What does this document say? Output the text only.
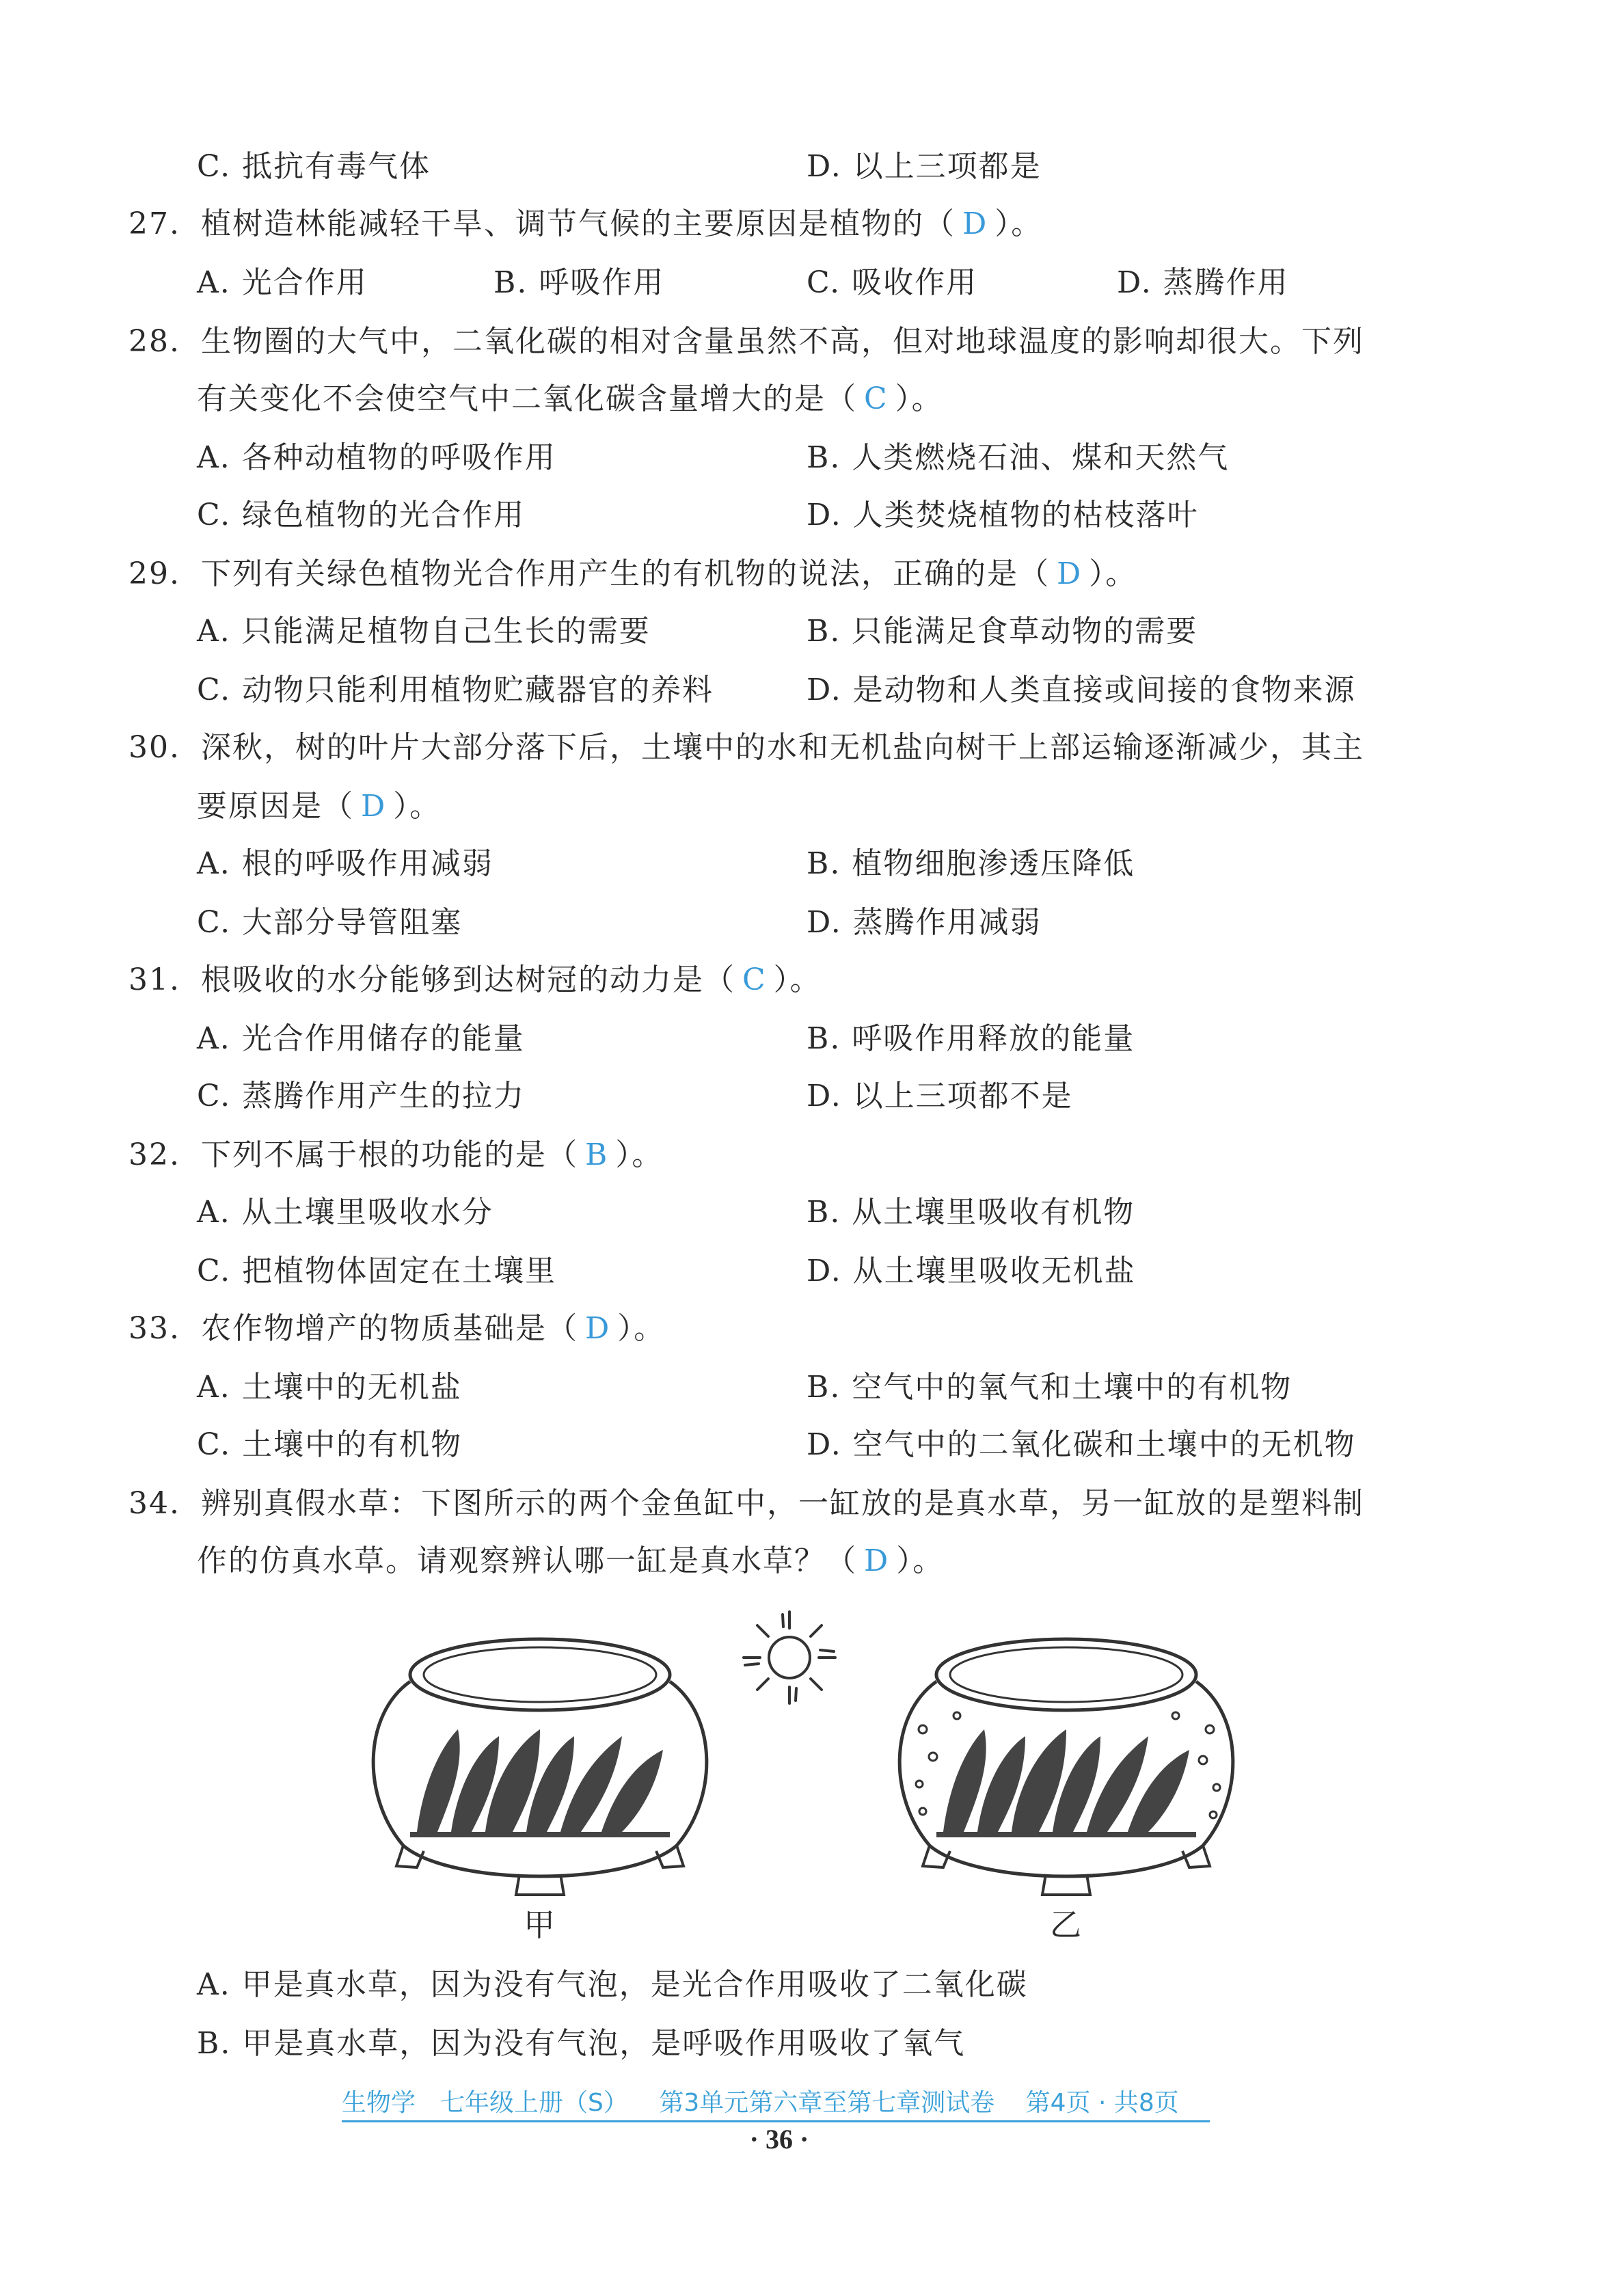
C. 抵抗有毒气体	D. 以上三项都是
27. 植树造林能减轻干旱、调节气候的主要原因是植物的（ D ）。
A. 光合作用	B. 呼吸作用	C. 吸收作用	D. 蒸腾作用
28. 生物圈的大气中，二氧化碳的相对含量虽然不高，但对地球温度的影响却很大。下列
有关变化不会使空气中二氧化碳含量增大的是（ C ）。
A. 各种动植物的呼吸作用	B. 人类燃烧石油、煤和天然气
C. 绿色植物的光合作用	D. 人类焚烧植物的枯枝落叶
29. 下列有关绿色植物光合作用产生的有机物的说法，正确的是（ D ）。
A. 只能满足植物自己生长的需要	B. 只能满足食草动物的需要
C. 动物只能利用植物贮藏器官的养料	D. 是动物和人类直接或间接的食物来源
30. 深秋，树的叶片大部分落下后，土壤中的水和无机盐向树干上部运输逐渐减少，其主
要原因是（ D ）。
A. 根的呼吸作用减弱	B. 植物细胞渗透压降低
C. 大部分导管阻塞	D. 蒸腾作用减弱
31. 根吸收的水分能够到达树冠的动力是（ C ）。
A. 光合作用储存的能量	B. 呼吸作用释放的能量
C. 蒸腾作用产生的拉力	D. 以上三项都不是
32. 下列不属于根的功能的是（ B ）。
A. 从土壤里吸收水分	B. 从土壤里吸收有机物
C. 把植物体固定在土壤里	D. 从土壤里吸收无机盐
33. 农作物增产的物质基础是（ D ）。
A. 土壤中的无机盐	B. 空气中的氧气和土壤中的有机物
C. 土壤中的有机物	D. 空气中的二氧化碳和土壤中的无机物
34. 辨别真假水草：下图所示的两个金鱼缸中，一缸放的是真水草，另一缸放的是塑料制
作的仿真水草。请观察辨认哪一缸是真水草？（ D ）。
甲	乙
A. 甲是真水草，因为没有气泡，是光合作用吸收了二氧化碳
B. 甲是真水草，因为没有气泡，是呼吸作用吸收了氧气
生物学　七年级上册（S） 第3单元第六章至第七章测试卷 第4页 · 共8页
· 36 ·
